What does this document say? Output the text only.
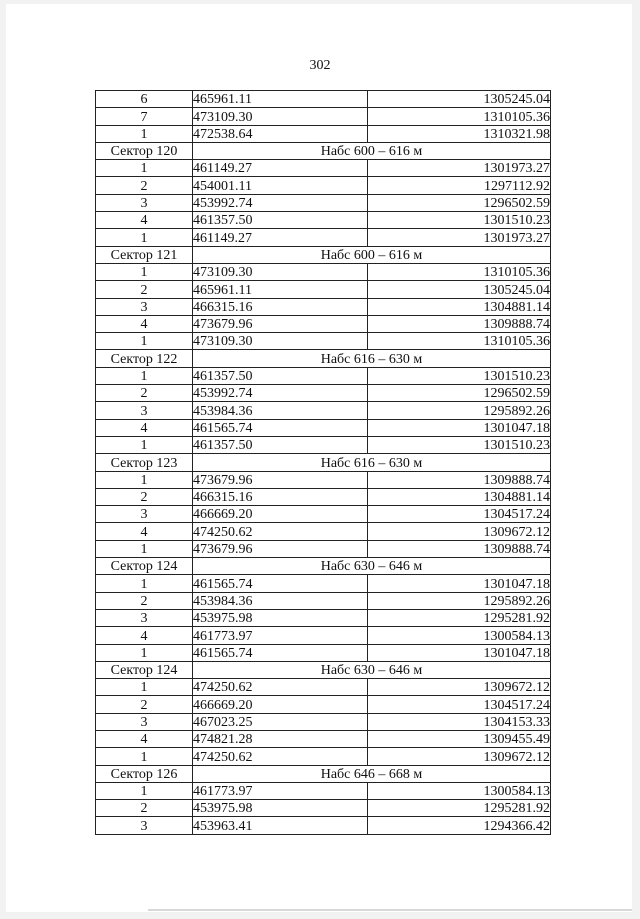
302
6	465961.11	1305245.04
7	473109.30	1310105.36
1	472538.64	1310321.98
Сектор 120	Набс 600 – 616 м	
1	461149.27	1301973.27
2	454001.11	1297112.92
3	453992.74	1296502.59
4	461357.50	1301510.23
1	461149.27	1301973.27
Сектор 121	Набс 600 – 616 м	
1	473109.30	1310105.36
2	465961.11	1305245.04
3	466315.16	1304881.14
4	473679.96	1309888.74
1	473109.30	1310105.36
Сектор 122	Набс 616 – 630 м	
1	461357.50	1301510.23
2	453992.74	1296502.59
3	453984.36	1295892.26
4	461565.74	1301047.18
1	461357.50	1301510.23
Сектор 123	Набс 616 – 630 м	
1	473679.96	1309888.74
2	466315.16	1304881.14
3	466669.20	1304517.24
4	474250.62	1309672.12
1	473679.96	1309888.74
Сектор 124	Набс 630 – 646 м	
1	461565.74	1301047.18
2	453984.36	1295892.26
3	453975.98	1295281.92
4	461773.97	1300584.13
1	461565.74	1301047.18
Сектор 124	Набс 630 – 646 м	
1	474250.62	1309672.12
2	466669.20	1304517.24
3	467023.25	1304153.33
4	474821.28	1309455.49
1	474250.62	1309672.12
Сектор 126	Набс 646 – 668 м	
1	461773.97	1300584.13
2	453975.98	1295281.92
3	453963.41	1294366.42
